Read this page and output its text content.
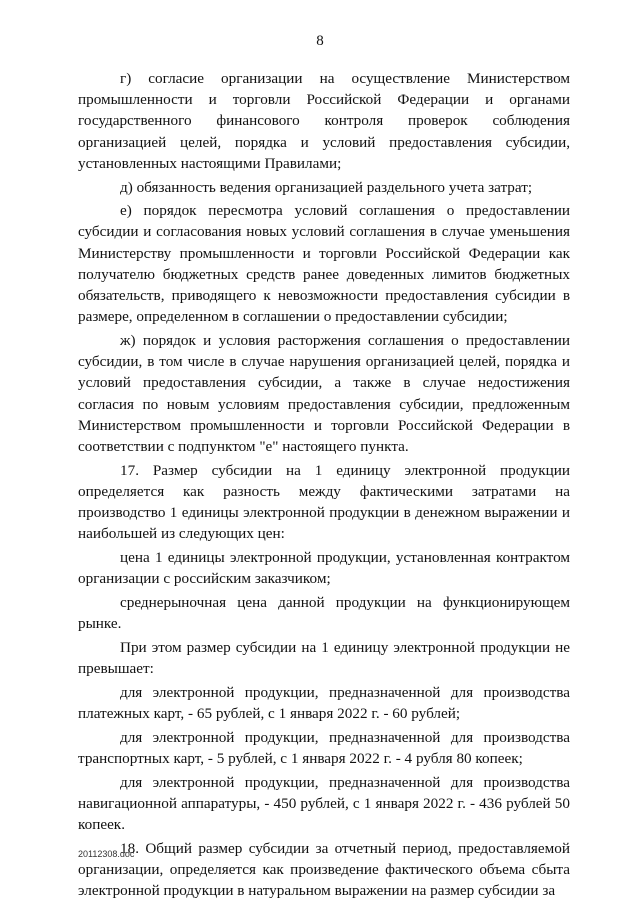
8

г) согласие организации на осуществление Министерством промышленности и торговли Российской Федерации и органами государственного финансового контроля проверок соблюдения организацией целей, порядка и условий предоставления субсидии, установленных настоящими Правилами;

д) обязанность ведения организацией раздельного учета затрат;

е) порядок пересмотра условий соглашения о предоставлении субсидии и согласования новых условий соглашения в случае уменьшения Министерству промышленности и торговли Российской Федерации как получателю бюджетных средств ранее доведенных лимитов бюджетных обязательств, приводящего к невозможности предоставления субсидии в размере, определенном в соглашении о предоставлении субсидии;

ж) порядок и условия расторжения соглашения о предоставлении субсидии, в том числе в случае нарушения организацией целей, порядка и условий предоставления субсидии, а также в случае недостижения согласия по новым условиям предоставления субсидии, предложенным Министерством промышленности и торговли Российской Федерации в соответствии с подпунктом "е" настоящего пункта.

17. Размер субсидии на 1 единицу электронной продукции определяется как разность между фактическими затратами на производство 1 единицы электронной продукции в денежном выражении и наибольшей из следующих цен:

цена 1 единицы электронной продукции, установленная контрактом организации с российским заказчиком;

среднерыночная цена данной продукции на функционирующем рынке.

При этом размер субсидии на 1 единицу электронной продукции не превышает:

для электронной продукции, предназначенной для производства платежных карт, - 65 рублей, с 1 января 2022 г. - 60 рублей;

для электронной продукции, предназначенной для производства транспортных карт, - 5 рублей, с 1 января 2022 г. - 4 рубля 80 копеек;

для электронной продукции, предназначенной для производства навигационной аппаратуры, - 450 рублей, с 1 января 2022 г. - 436 рублей 50 копеек.

18. Общий размер субсидии за отчетный период, предоставляемой организации, определяется как произведение фактического объема сбыта электронной продукции в натуральном выражении на размер субсидии за

20112308.doc
